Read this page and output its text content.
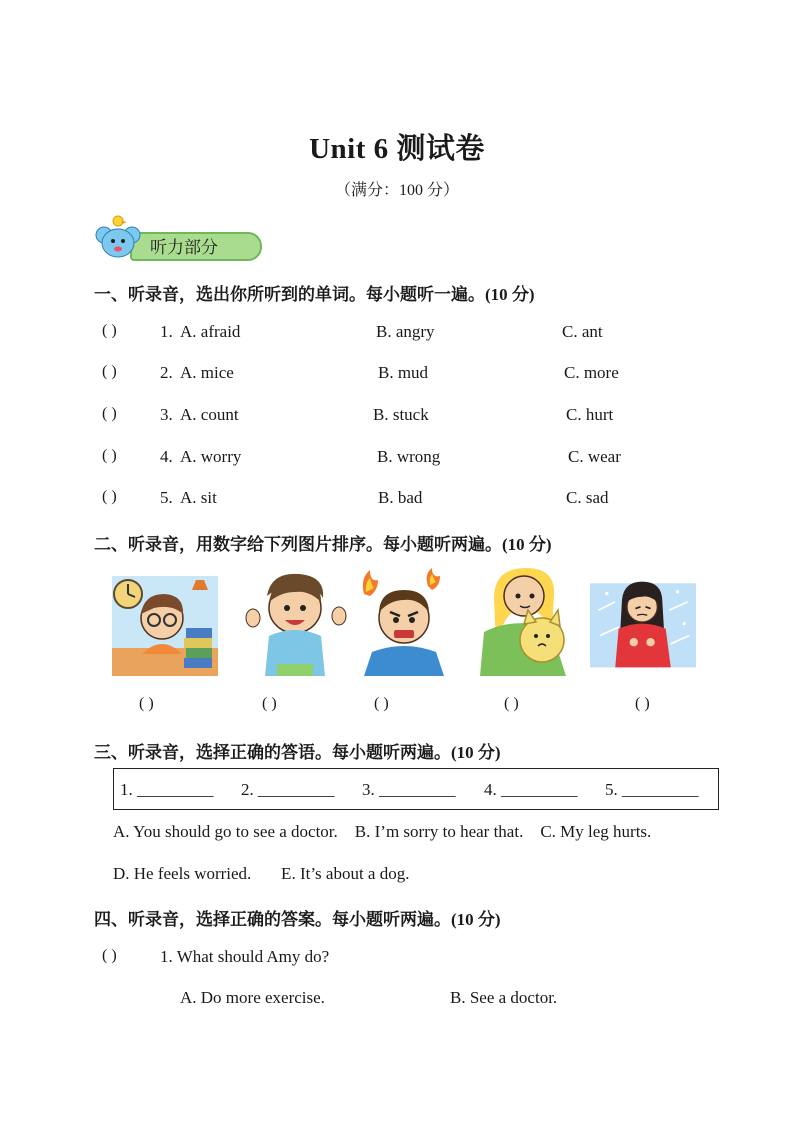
Unit 6 测试卷
（满分：100 分）
听力部分
一、听录音，选出你所听到的单词。每小题听一遍。(10 分)
( )	1. A. afraid	B. angry	C. ant
( )	2. A. mice	B. mud	C. more
( )	3. A. count	B. stuck	C. hurt
( )	4. A. worry	B. wrong	C. wear
( )	5. A. sit	B. bad	C. sad
二、听录音，用数字给下列图片排序。每小题听两遍。(10 分)
( )	( )	( )	( )	( )
三、听录音，选择正确的答语。每小题听两遍。(10 分)
1. _________ 2. _________ 3. _________ 4. _________ 5. _________
A. You should go to see a doctor.    B. I’m sorry to hear that.    C. My leg hurts.
D. He feels worried.       E. It’s about a dog.
四、听录音，选择正确的答案。每小题听两遍。(10 分)
( )	1. What should Amy do?
A. Do more exercise.	B. See a doctor.
